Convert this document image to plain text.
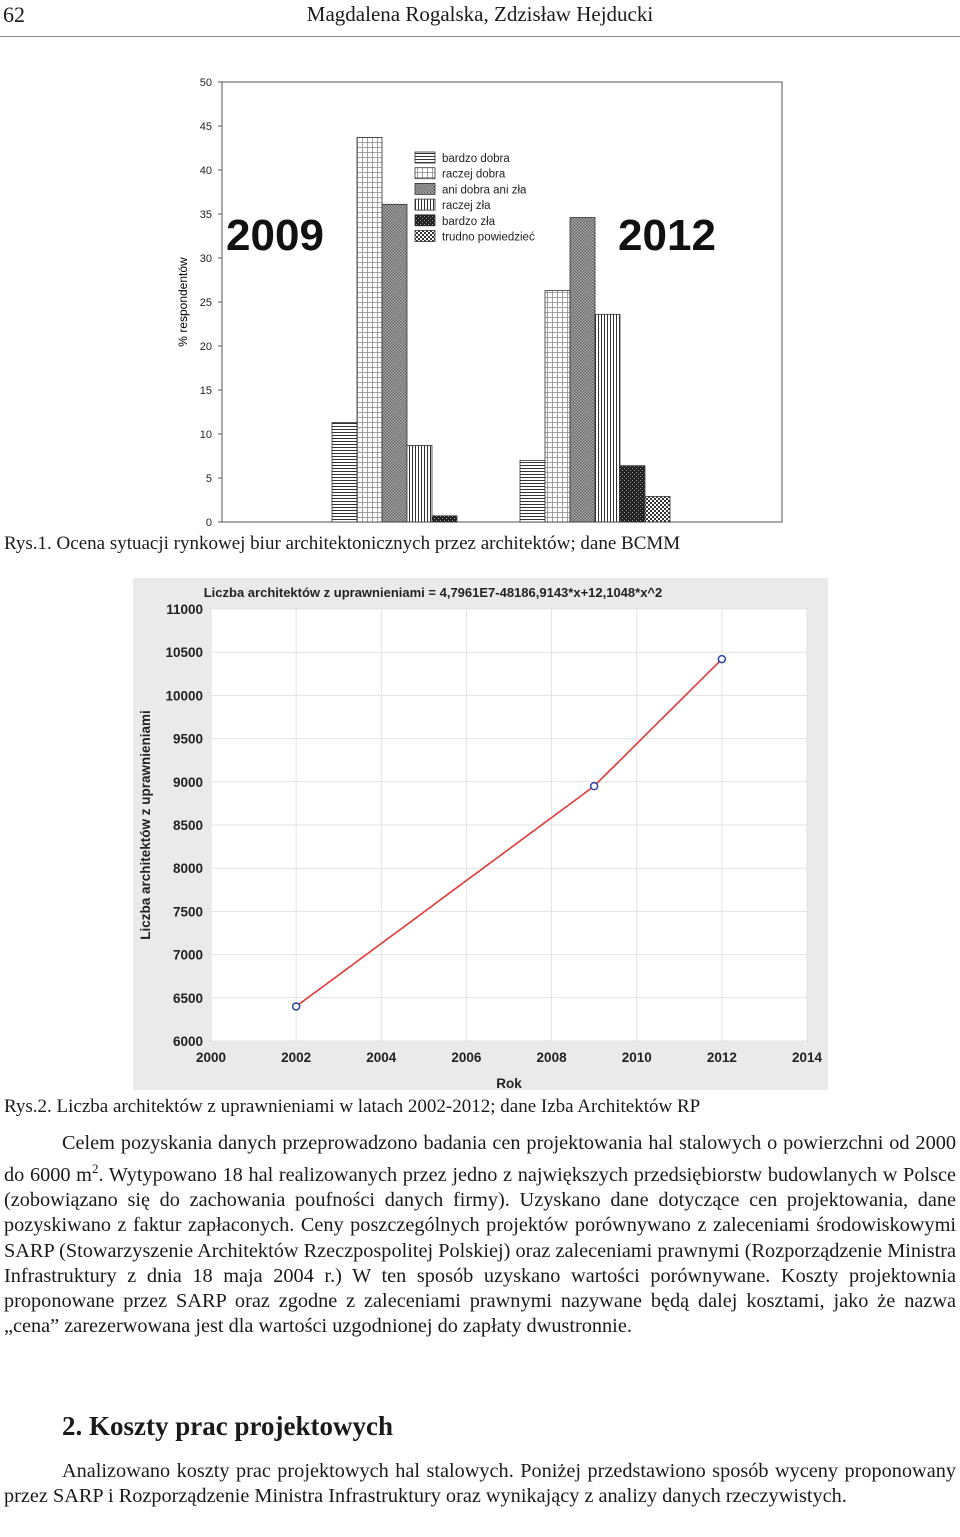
62	Magdalena Rogalska, Zdzisław Hejducki
% respondentów
0
5
10
15
20
25
30
35
40
45
50
2009	2012
bardzo dobra
raczej dobra
ani dobra ani zła
raczej zła
bardzo zła
trudno powiedzieć
Rys.1. Ocena sytuacji rynkowej biur architektonicznych przez architektów; dane BCMM
Liczba architektów z uprawnieniami = 4,7961E7-48186,9143*x+12,1048*x^2
6000
6500
7000
7500
8000
8500
9000
9500
10000
10500
11000
2000	2002	2004	2006	2008	2010	2012	2014
Liczba architektów z uprawnieniami
Rok
Rys.2. Liczba architektów z uprawnieniami w latach 2002-2012; dane Izba Architektów RP

Celem pozyskania danych przeprowadzono badania cen projektowania hal stalowych o powierzchni od 2000 do 6000 $m^2$. Wytypowano 18 hal realizowanych przez jedno z największych przedsiębiorstw budowlanych w Polsce (zobowiązano się do zachowania poufności danych firmy). Uzyskano dane dotyczące cen projektowania, dane pozyskiwano z faktur zapłaconych. Ceny poszczególnych projektów porównywano z zaleceniami środowiskowymi SARP (Stowarzyszenie Architektów Rzeczpospolitej Polskiej) oraz zaleceniami prawnymi (Rozporządzenie Ministra Infrastruktury z dnia 18 maja 2004 r.) W ten sposób uzyskano wartości porównywane. Koszty projektownia proponowane przez SARP oraz zgodne z zaleceniami prawnymi nazywane będą dalej kosztami, jako że nazwa „cena” zarezerwowana jest dla wartości uzgodnionej do zapłaty dwustronnie.

2. Koszty prac projektowych

Analizowano koszty prac projektowych hal stalowych. Poniżej przedstawiono sposób wyceny proponowany przez SARP i Rozporządzenie Ministra Infrastruktury oraz wynikający z analizy danych rzeczywistych.
